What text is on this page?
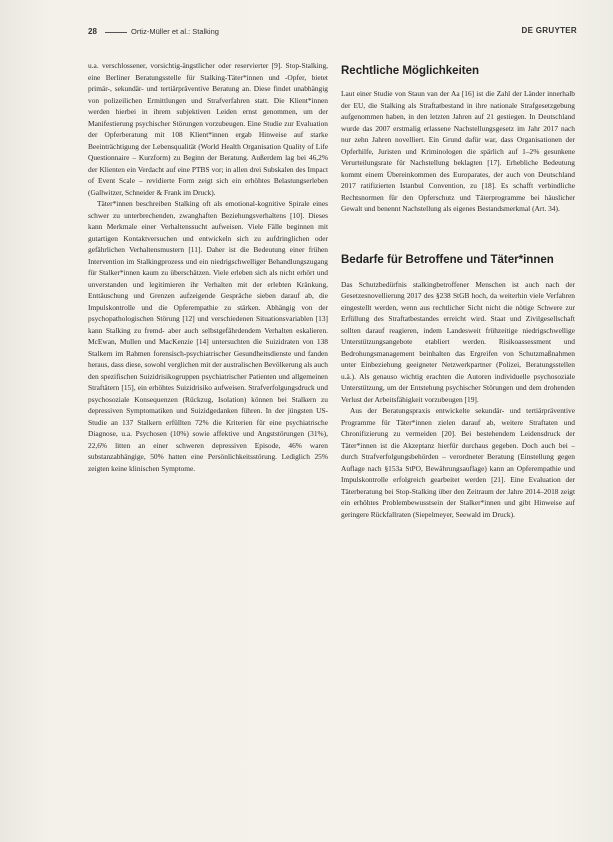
28	Ortiz-Müller et al.: Stalking	DE GRUYTER

u.a. verschlossener, vorsichtig-ängstlicher oder reservierter [9]. Stop-Stalking, eine Berliner Beratungsstelle für Stalking-Täter*innen und -Opfer, bietet primär-, sekundär- und tertiärpräventive Beratung an. Diese findet unabhängig von polizeilichen Ermittlungen und Strafverfahren statt. Die Klient*innen werden hierbei in ihrem subjektiven Leiden ernst genommen, um der Manifestierung psychischer Störungen vorzubeugen. Eine Studie zur Evaluation der Opferberatung mit 108 Klient*innen ergab Hinweise auf starke Beeinträchtigung der Lebensqualität (World Health Organisation Quality of Life Questionnaire – Kurzform) zu Beginn der Beratung. Außerdem lag bei 46,2% der Klienten ein Verdacht auf eine PTBS vor; in allen drei Subskalen des Impact of Event Scale – revidierte Form zeigt sich ein erhöhtes Belastungserleben (Gallwitzer, Schneider & Frank im Druck).

Täter*innen beschreiben Stalking oft als emotional-kognitive Spirale eines schwer zu unterbrechenden, zwanghaften Beziehungsverhaltens [10]. Dieses kann Merkmale einer Verhaltenssucht aufweisen. Viele Fälle beginnen mit gutartigen Kontaktversuchen und entwickeln sich zu aufdringlichen oder gefährlichen Verhaltensmustern [11]. Daher ist die Bedeutung einer frühen Intervention im Stalkingprozess und ein niedrigschwelliger Behandlungszugang für Stalker*innen kaum zu überschätzen. Viele erleben sich als nicht erhört und unverstanden und legitimieren ihr Verhalten mit der erlebten Kränkung, Enttäuschung und Grenzen aufzeigende Gespräche sieben darauf ab, die Impulskontrolle und die Opferempathie zu stärken. Abhängig von der psychopathologischen Störung [12] und verschiedenen Situationsvariablen [13] kann Stalking zu fremd- aber auch selbstgefährdendem Verhalten eskalieren. McEwan, Mullen und MacKenzie [14] untersuchten die Suizidraten von 138 Stalkern im Rahmen forensisch-psychiatrischer Gesundheitsdienste und fanden heraus, dass diese, sowohl verglichen mit der australischen Bevölkerung als auch den spezifischen Suizidrisikogruppen psychiatrischer Patienten und allgemeinen Straftätern [15], ein erhöhtes Suizidrisiko aufweisen. Strafverfolgungsdruck und psychosoziale Konsequenzen (Rückzug, Isolation) können bei Stalkern zu depressiven Symptomatiken und Suizidgedanken führen. In der jüngsten US-Studie an 137 Stalkern erfüllten 72% die Kriterien für eine psychiatrische Diagnose, u.a. Psychosen (10%) sowie affektive und Angststörungen (31%), 22,6% litten an einer schweren depressiven Episode, 46% waren substanzabhängige, 50% hatten eine Persönlichkeitsstörung. Lediglich 25% zeigten keine klinischen Symptome.

Rechtliche Möglichkeiten

Laut einer Studie von Staun van der Aa [16] ist die Zahl der Länder innerhalb der EU, die Stalking als Straftatbestand in ihre nationale Strafgesetzgebung aufgenommen haben, in den letzten Jahren auf 21 gestiegen. In Deutschland wurde das 2007 erstmalig erlassene Nachstellungsgesetz im Jahr 2017 nach nur zehn Jahren novelliert. Ein Grund dafür war, dass Organisationen der Opferhilfe, Juristen und Kriminologen die spärlich auf 1–2% gesunkene Verurteilungsrate für Nachstellung beklagten [17]. Erhebliche Bedeutung kommt einem Übereinkommen des Europarates, der auch von Deutschland 2017 ratifizierten Istanbul Convention, zu [18]. Es schafft verbindliche Rechtsnormen für den Opferschutz und Täterprogramme bei häuslicher Gewalt und benennt Nachstellung als eigenes Bestandsmerkmal (Art. 34).

Bedarfe für Betroffene und Täter*innen

Das Schutzbedürfnis stalkingbetroffener Menschen ist auch nach der Gesetzesnovellierung 2017 des §238 StGB hoch, da weiterhin viele Verfahren eingestellt werden, wenn aus rechtlicher Sicht nicht die nötige Schwere zur Erfüllung des Straftatbestandes erreicht wird. Staat und Zivilgesellschaft sollten darauf reagieren, indem Landesweit frühzeitige niedrigschwellige Unterstützungsangebote etabliert werden. Risikoassessment und Bedrohungsmanagement beinhalten das Ergreifen von Schutzmaßnahmen unter Einbeziehung geeigneter Netzwerkpartner (Polizei, Beratungsstellen u.ä.). Als genauso wichtig erachten die Autoren individuelle psychosoziale Unterstützung, um der Entstehung psychischer Störungen und dem drohenden Verlust der Arbeitsfähigkeit vorzubeugen [19].

Aus der Beratungspraxis entwickelte sekundär- und tertiärpräventive Programme für Täter*innen zielen darauf ab, weitere Straftaten und Chronifizierung zu vermeiden [20]. Bei bestehendem Leidensdruck der Täter*innen ist die Akzeptanz hierfür durchaus gegeben. Doch auch bei – durch Strafverfolgungsbehörden – verordneter Beratung (Einstellung gegen Auflage nach §153a StPO, Bewährungsauflage) kann an Opferempathie und Impulskontrolle erfolgreich gearbeitet werden [21]. Eine Evaluation der Täterberatung bei Stop-Stalking über den Zeitraum der Jahre 2014–2018 zeigt ein erhöhtes Problembewusstsein der Stalker*innen und gibt Hinweise auf geringere Rückfallraten (Siepelmeyer, Seewald im Druck).
